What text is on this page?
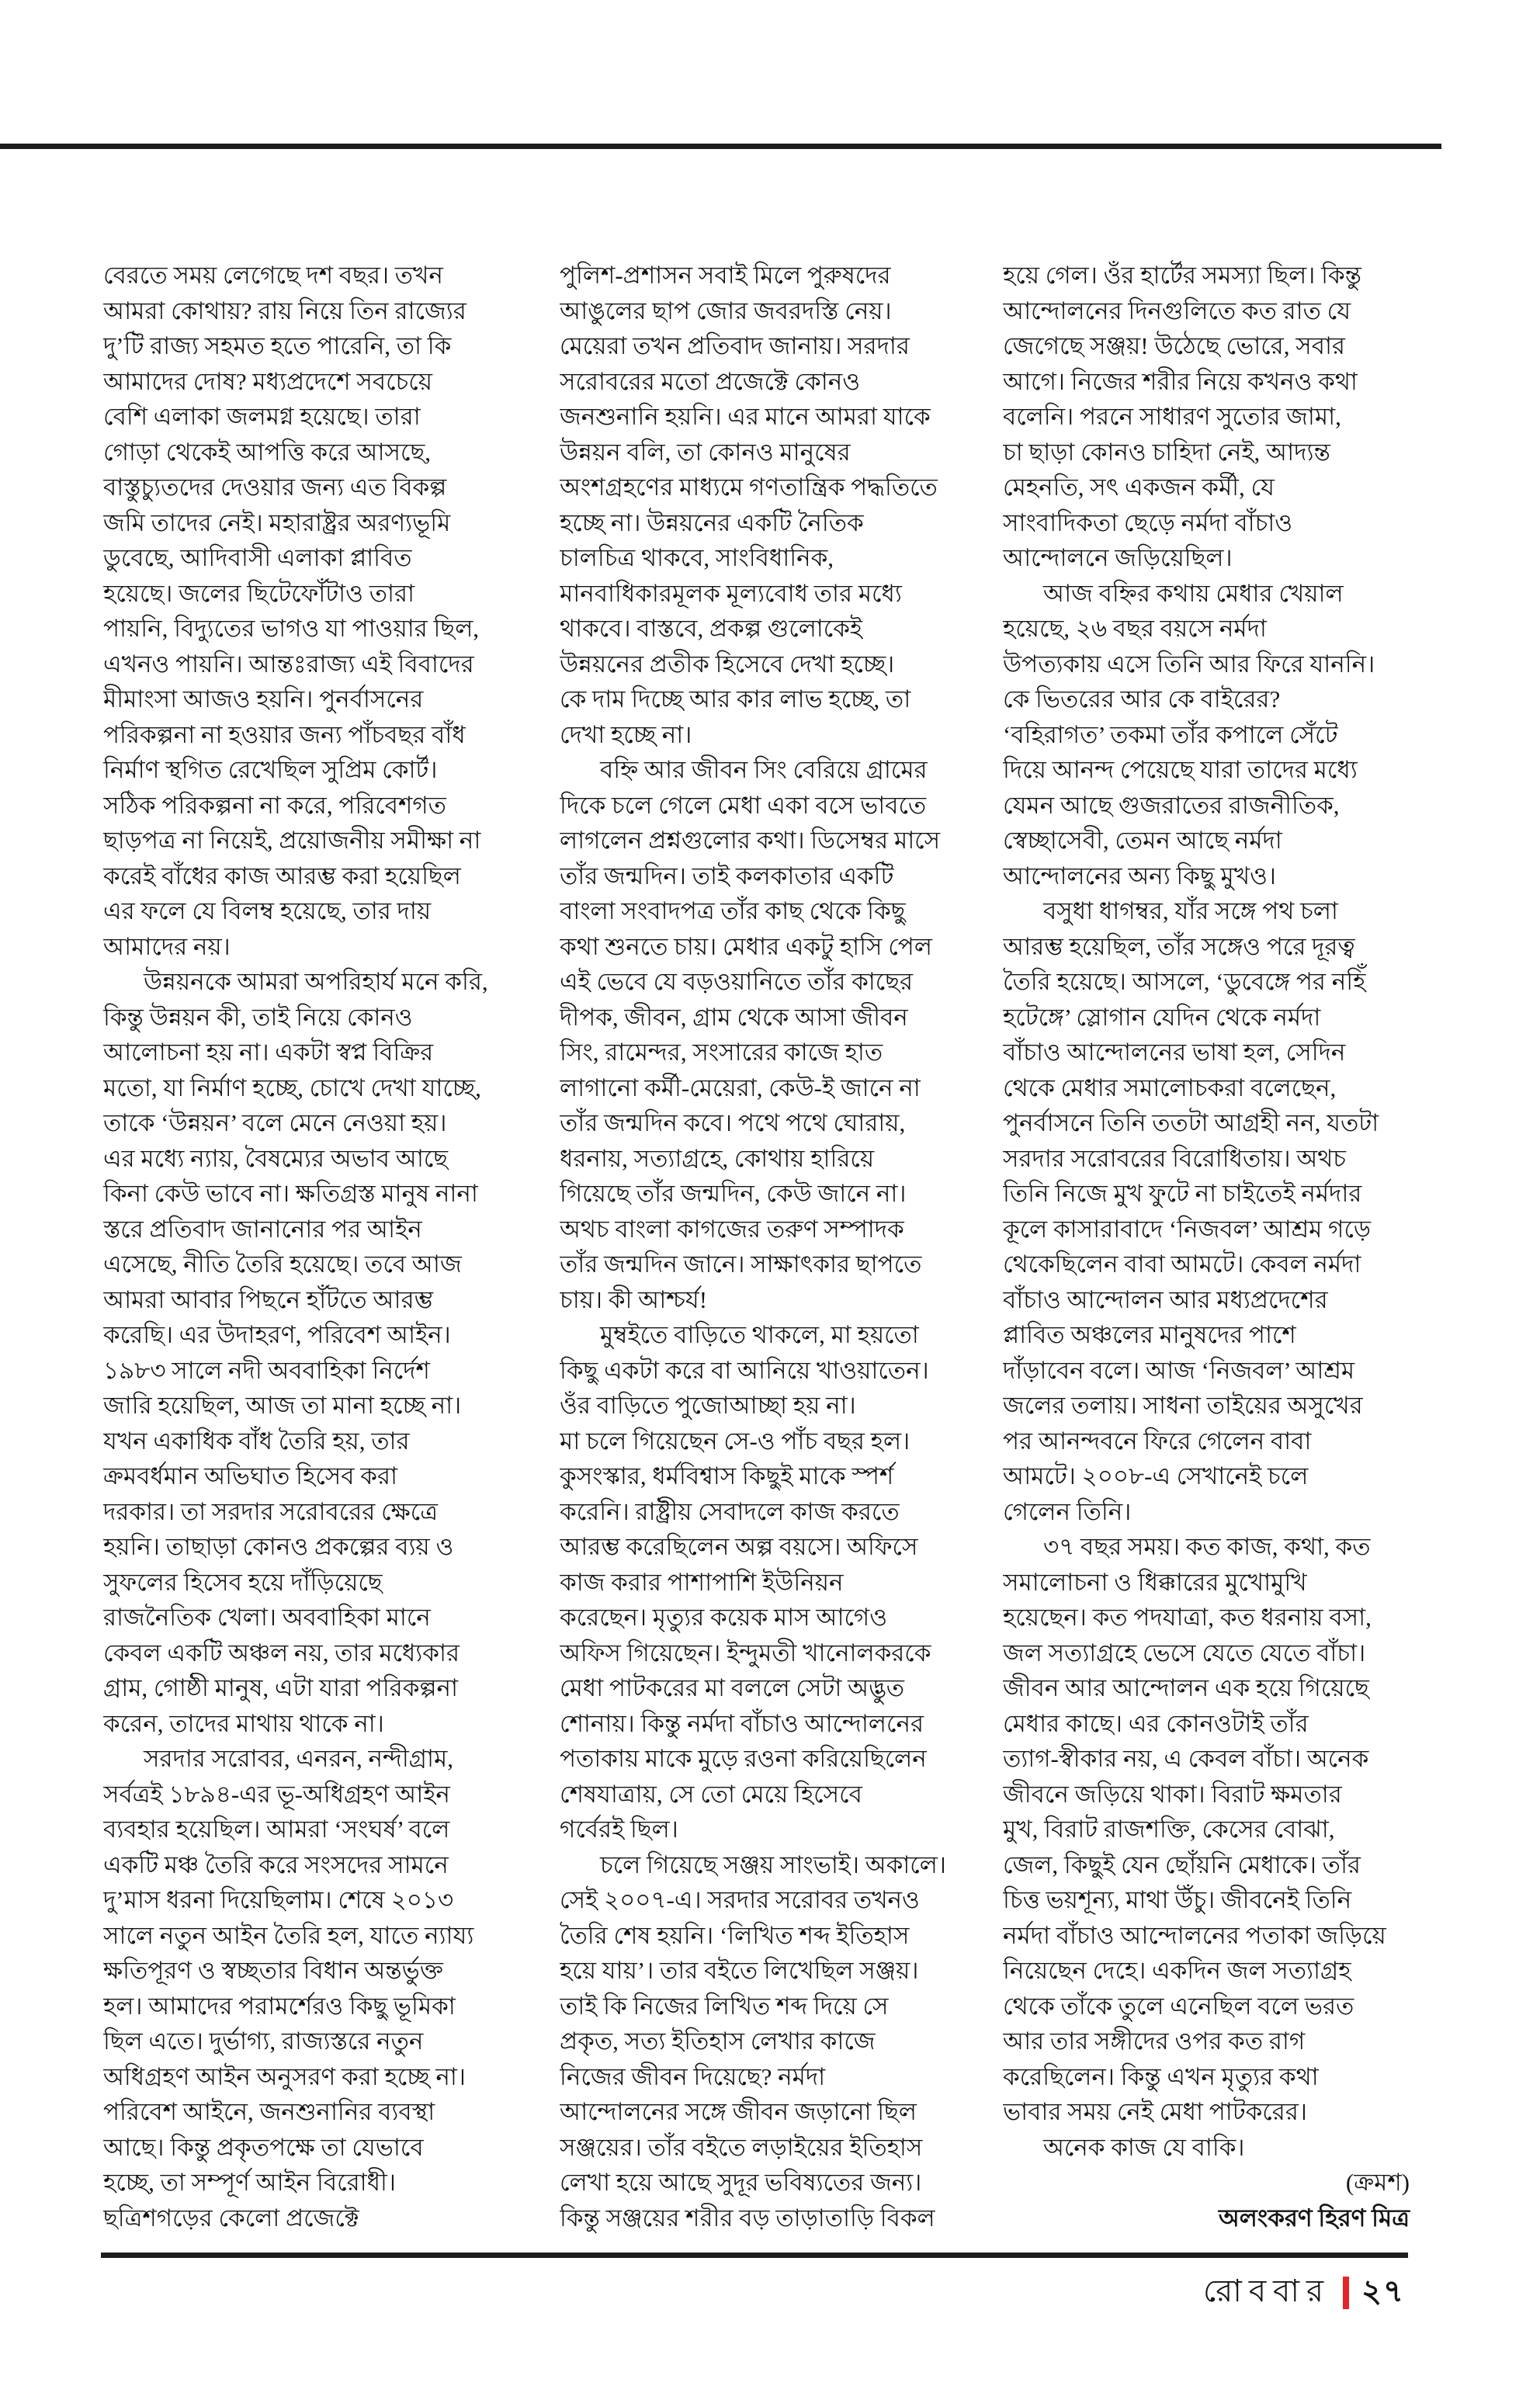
বেরতে সময় লেগেছে দশ বছর। তখন
আমরা কোথায়? রায় নিয়ে তিন রাজ্যের
দু’টি রাজ্য সহমত হতে পারেনি, তা কি
আমাদের দোষ? মধ্যপ্রদেশে সবচেয়ে
বেশি এলাকা জলমগ্ন হয়েছে। তারা
গোড়া থেকেই আপত্তি করে আসছে,
বাস্তুচ্যুতদের দেওয়ার জন্য এত বিকল্প
জমি তাদের নেই। মহারাষ্ট্রর অরণ্যভূমি
ডুবেছে, আদিবাসী এলাকা প্লাবিত
হয়েছে। জলের ছিটেফোঁটাও তারা
পায়নি, বিদ্যুতের ভাগও যা পাওয়ার ছিল,
এখনও পায়নি। আন্তঃরাজ্য এই বিবাদের
মীমাংসা আজও হয়নি। পুনর্বাসনের
পরিকল্পনা না হওয়ার জন্য পাঁচবছর বাঁধ
নির্মাণ স্থগিত রেখেছিল সুপ্রিম কোর্ট।
সঠিক পরিকল্পনা না করে, পরিবেশগত
ছাড়পত্র না নিয়েই, প্রয়োজনীয় সমীক্ষা না
করেই বাঁধের কাজ আরম্ভ করা হয়েছিল
এর ফলে যে বিলম্ব হয়েছে, তার দায়
আমাদের নয়।
উন্নয়নকে আমরা অপরিহার্য মনে করি,
কিন্তু উন্নয়ন কী, তাই নিয়ে কোনও
আলোচনা হয় না। একটা স্বপ্ন বিক্রির
মতো, যা নির্মাণ হচ্ছে, চোখে দেখা যাচ্ছে,
তাকে ‘উন্নয়ন’ বলে মেনে নেওয়া হয়।
এর মধ্যে ন্যায়, বৈষম্যের অভাব আছে
কিনা কেউ ভাবে না। ক্ষতিগ্রস্ত মানুষ নানা
স্তরে প্রতিবাদ জানানোর পর আইন
এসেছে, নীতি তৈরি হয়েছে। তবে আজ
আমরা আবার পিছনে হাঁটতে আরম্ভ
করেছি। এর উদাহরণ, পরিবেশ আইন।
১৯৮৩ সালে নদী অববাহিকা নির্দেশ
জারি হয়েছিল, আজ তা মানা হচ্ছে না।
যখন একাধিক বাঁধ তৈরি হয়, তার
ক্রমবর্ধমান অভিঘাত হিসেব করা
দরকার। তা সরদার সরোবরের ক্ষেত্রে
হয়নি। তাছাড়া কোনও প্রকল্পের ব্যয় ও
সুফলের হিসেব হয়ে দাঁড়িয়েছে
রাজনৈতিক খেলা। অববাহিকা মানে
কেবল একটি অঞ্চল নয়, তার মধ্যেকার
গ্রাম, গোষ্ঠী মানুষ, এটা যারা পরিকল্পনা
করেন, তাদের মাথায় থাকে না।
সরদার সরোবর, এনরন, নন্দীগ্রাম,
সর্বত্রই ১৮৯৪-এর ভূ-অধিগ্রহণ আইন
ব্যবহার হয়েছিল। আমরা ‘সংঘর্ষ’ বলে
একটি মঞ্চ তৈরি করে সংসদের সামনে
দু’মাস ধরনা দিয়েছিলাম। শেষে ২০১৩
সালে নতুন আইন তৈরি হল, যাতে ন্যায্য
ক্ষতিপূরণ ও স্বচ্ছতার বিধান অন্তর্ভুক্ত
হল। আমাদের পরামর্শেরও কিছু ভূমিকা
ছিল এতে। দুর্ভাগ্য, রাজ্যস্তরে নতুন
অধিগ্রহণ আইন অনুসরণ করা হচ্ছে না।
পরিবেশ আইনে, জনশুনানির ব্যবস্থা
আছে। কিন্তু প্রকৃতপক্ষে তা যেভাবে
হচ্ছে, তা সম্পূর্ণ আইন বিরোধী।
ছত্রিশগড়ের কেলো প্রজেক্টে
পুলিশ-প্রশাসন সবাই মিলে পুরুষদের
আঙুলের ছাপ জোর জবরদস্তি নেয়।
মেয়েরা তখন প্রতিবাদ জানায়। সরদার
সরোবরের মতো প্রজেক্টে কোনও
জনশুনানি হয়নি। এর মানে আমরা যাকে
উন্নয়ন বলি, তা কোনও মানুষের
অংশগ্রহণের মাধ্যমে গণতান্ত্রিক পদ্ধতিতে
হচ্ছে না। উন্নয়নের একটি নৈতিক
চালচিত্র থাকবে, সাংবিধানিক,
মানবাধিকারমূলক মূল্যবোধ তার মধ্যে
থাকবে। বাস্তবে, প্রকল্প গুলোকেই
উন্নয়নের প্রতীক হিসেবে দেখা হচ্ছে।
কে দাম দিচ্ছে আর কার লাভ হচ্ছে, তা
দেখা হচ্ছে না।
বহ্নি আর জীবন সিং বেরিয়ে গ্রামের
দিকে চলে গেলে মেধা একা বসে ভাবতে
লাগলেন প্রশ্নগুলোর কথা। ডিসেম্বর মাসে
তাঁর জন্মদিন। তাই কলকাতার একটি
বাংলা সংবাদপত্র তাঁর কাছ থেকে কিছু
কথা শুনতে চায়। মেধার একটু হাসি পেল
এই ভেবে যে বড়ওয়ানিতে তাঁর কাছের
দীপক, জীবন, গ্রাম থেকে আসা জীবন
সিং, রামেন্দর, সংসারের কাজে হাত
লাগানো কর্মী-মেয়েরা, কেউ-ই জানে না
তাঁর জন্মদিন কবে। পথে পথে ঘোরায়,
ধরনায়, সত্যাগ্রহে, কোথায় হারিয়ে
গিয়েছে তাঁর জন্মদিন, কেউ জানে না।
অথচ বাংলা কাগজের তরুণ সম্পাদক
তাঁর জন্মদিন জানে। সাক্ষাৎকার ছাপতে
চায়। কী আশ্চর্য!
মুম্বইতে বাড়িতে থাকলে, মা হয়তো
কিছু একটা করে বা আনিয়ে খাওয়াতেন।
ওঁর বাড়িতে পুজোআচ্ছা হয় না।
মা চলে গিয়েছেন সে-ও পাঁচ বছর হল।
কুসংস্কার, ধর্মবিশ্বাস কিছুই মাকে স্পর্শ
করেনি। রাষ্ট্রীয় সেবাদলে কাজ করতে
আরম্ভ করেছিলেন অল্প বয়সে। অফিসে
কাজ করার পাশাপাশি ইউনিয়ন
করেছেন। মৃত্যুর কয়েক মাস আগেও
অফিস গিয়েছেন। ইন্দুমতী খানোলকরকে
মেধা পাটকরের মা বললে সেটা অদ্ভুত
শোনায়। কিন্তু নর্মদা বাঁচাও আন্দোলনের
পতাকায় মাকে মুড়ে রওনা করিয়েছিলেন
শেষযাত্রায়, সে তো মেয়ে হিসেবে
গর্বেরই ছিল।
চলে গিয়েছে সঞ্জয় সাংভাই। অকালে।
সেই ২০০৭-এ। সরদার সরোবর তখনও
তৈরি শেষ হয়নি। ‘লিখিত শব্দ ইতিহাস
হয়ে যায়’। তার বইতে লিখেছিল সঞ্জয়।
তাই কি নিজের লিখিত শব্দ দিয়ে সে
প্রকৃত, সত্য ইতিহাস লেখার কাজে
নিজের জীবন দিয়েছে? নর্মদা
আন্দোলনের সঙ্গে জীবন জড়ানো ছিল
সঞ্জয়ের। তাঁর বইতে লড়াইয়ের ইতিহাস
লেখা হয়ে আছে সুদূর ভবিষ্যতের জন্য।
কিন্তু সঞ্জয়ের শরীর বড় তাড়াতাড়ি বিকল
হয়ে গেল। ওঁর হার্টের সমস্যা ছিল। কিন্তু
আন্দোলনের দিনগুলিতে কত রাত যে
জেগেছে সঞ্জয়! উঠেছে ভোরে, সবার
আগে। নিজের শরীর নিয়ে কখনও কথা
বলেনি। পরনে সাধারণ সুতোর জামা,
চা ছাড়া কোনও চাহিদা নেই, আদ্যন্ত
মেহনতি, সৎ একজন কর্মী, যে
সাংবাদিকতা ছেড়ে নর্মদা বাঁচাও
আন্দোলনে জড়িয়েছিল।
আজ বহ্নির কথায় মেধার খেয়াল
হয়েছে, ২৬ বছর বয়সে নর্মদা
উপত্যকায় এসে তিনি আর ফিরে যাননি।
কে ভিতরের আর কে বাইরের?
‘বহিরাগত’ তকমা তাঁর কপালে সেঁটে
দিয়ে আনন্দ পেয়েছে যারা তাদের মধ্যে
যেমন আছে গুজরাতের রাজনীতিক,
স্বেচ্ছাসেবী, তেমন আছে নর্মদা
আন্দোলনের অন্য কিছু মুখও।
বসুধা ধাগম্বর, যাঁর সঙ্গে পথ চলা
আরম্ভ হয়েছিল, তাঁর সঙ্গেও পরে দূরত্ব
তৈরি হয়েছে। আসলে, ‘ডুবেঙ্গে পর নহিঁ
হটেঙ্গে’ স্লোগান যেদিন থেকে নর্মদা
বাঁচাও আন্দোলনের ভাষা হল, সেদিন
থেকে মেধার সমালোচকরা বলেছেন,
পুনর্বাসনে তিনি ততটা আগ্রহী নন, যতটা
সরদার সরোবরের বিরোধিতায়। অথচ
তিনি নিজে মুখ ফুটে না চাইতেই নর্মদার
কূলে কাসারাবাদে ‘নিজবল’ আশ্রম গড়ে
থেকেছিলেন বাবা আমটে। কেবল নর্মদা
বাঁচাও আন্দোলন আর মধ্যপ্রদেশের
প্লাবিত অঞ্চলের মানুষদের পাশে
দাঁড়াবেন বলে। আজ ‘নিজবল’ আশ্রম
জলের তলায়। সাধনা তাইয়ের অসুখের
পর আনন্দবনে ফিরে গেলেন বাবা
আমটে। ২০০৮-এ সেখানেই চলে
গেলেন তিনি।
৩৭ বছর সময়। কত কাজ, কথা, কত
সমালোচনা ও ধিক্কারের মুখোমুখি
হয়েছেন। কত পদযাত্রা, কত ধরনায় বসা,
জল সত্যাগ্রহে ভেসে যেতে যেতে বাঁচা।
জীবন আর আন্দোলন এক হয়ে গিয়েছে
মেধার কাছে। এর কোনওটাই তাঁর
ত্যাগ-স্বীকার নয়, এ কেবল বাঁচা। অনেক
জীবনে জড়িয়ে থাকা। বিরাট ক্ষমতার
মুখ, বিরাট রাজশক্তি, কেসের বোঝা,
জেল, কিছুই যেন ছোঁয়নি মেধাকে। তাঁর
চিত্ত ভয়শূন্য, মাথা উঁচু। জীবনেই তিনি
নর্মদা বাঁচাও আন্দোলনের পতাকা জড়িয়ে
নিয়েছেন দেহে। একদিন জল সত্যাগ্রহ
থেকে তাঁকে তুলে এনেছিল বলে ভরত
আর তার সঙ্গীদের ওপর কত রাগ
করেছিলেন। কিন্তু এখন মৃত্যুর কথা
ভাবার সময় নেই মেধা পাটকরের।
অনেক কাজ যে বাকি।
(ক্রমশ)
অলংকরণ হিরণ মিত্র
রোববার ২৭
